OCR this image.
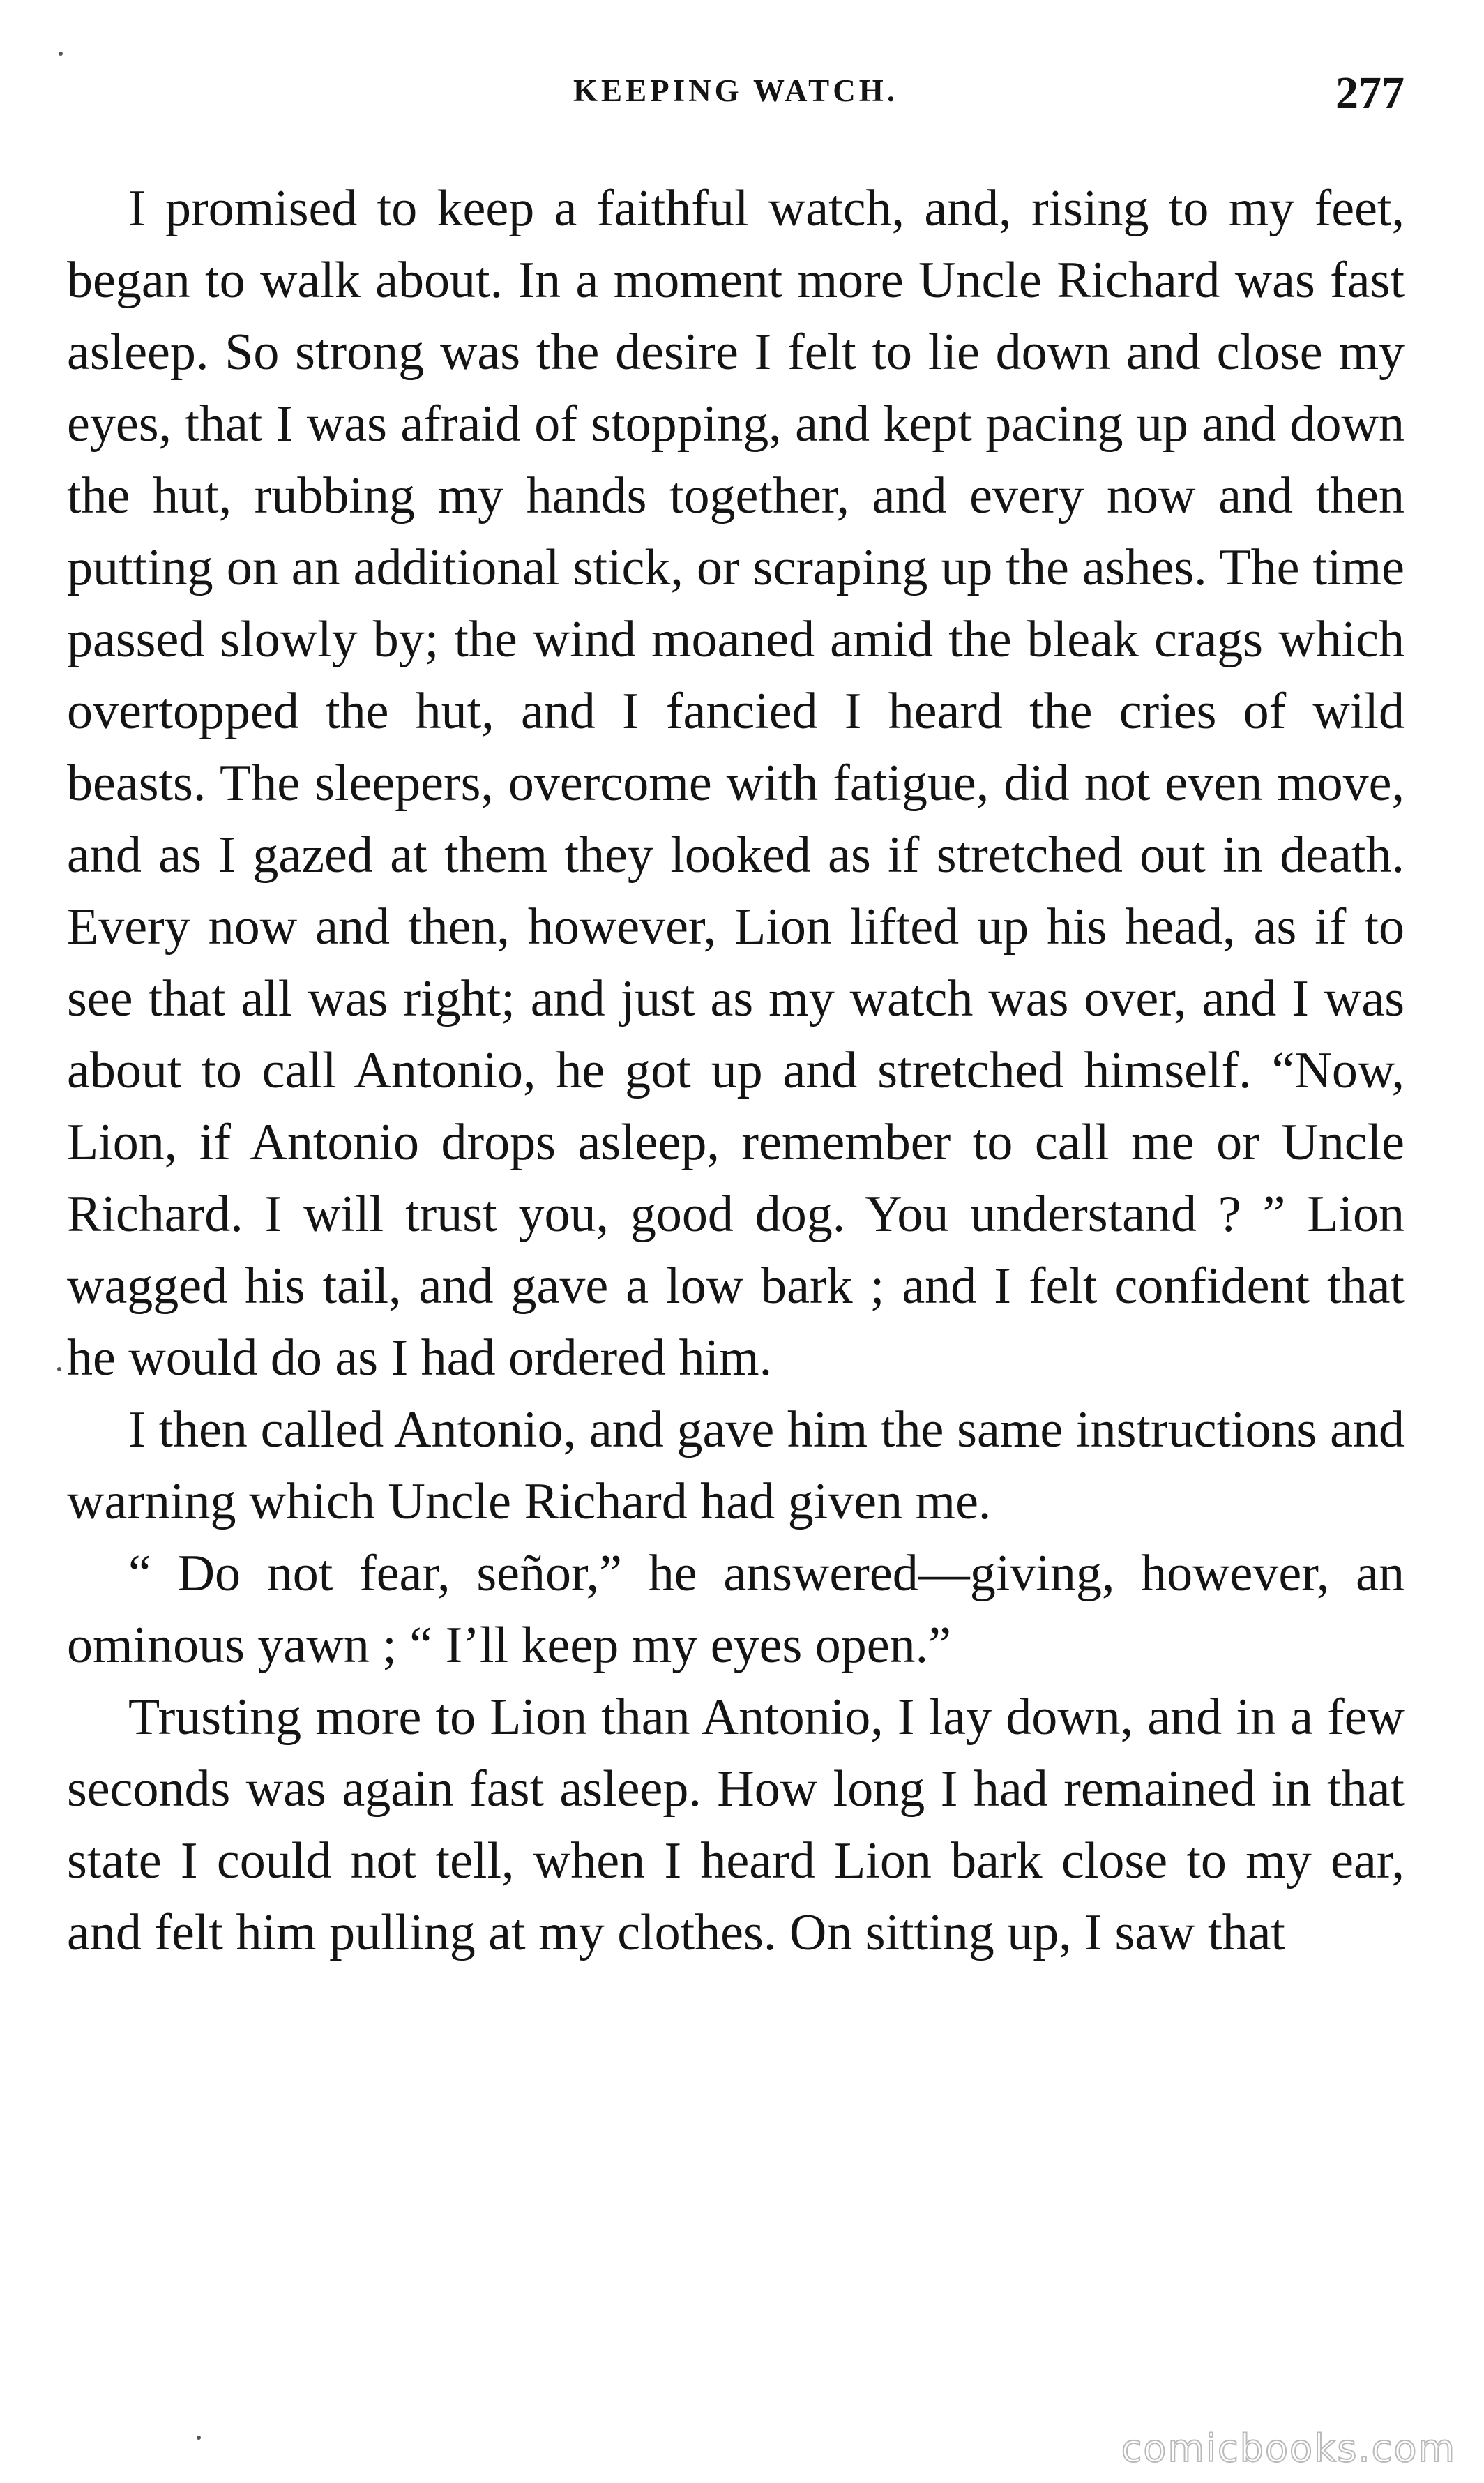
KEEPING WATCH.	277

I promised to keep a faithful watch, and, rising to my feet, began to walk about. In a moment more Uncle Richard was fast asleep. So strong was the desire I felt to lie down and close my eyes, that I was afraid of stopping, and kept pacing up and down the hut, rubbing my hands together, and every now and then putting on an additional stick, or scraping up the ashes. The time passed slowly by; the wind moaned amid the bleak crags which overtopped the hut, and I fancied I heard the cries of wild beasts. The sleepers, overcome with fatigue, did not even move, and as I gazed at them they looked as if stretched out in death. Every now and then, however, Lion lifted up his head, as if to see that all was right; and just as my watch was over, and I was about to call Antonio, he got up and stretched himself. “Now, Lion, if Antonio drops asleep, remember to call me or Uncle Richard. I will trust you, good dog. You understand ? ” Lion wagged his tail, and gave a low bark ; and I felt confident that he would do as I had ordered him.

I then called Antonio, and gave him the same instructions and warning which Uncle Richard had given me.

“ Do not fear, señor,” he answered—giving, however, an ominous yawn ; “ I’ll keep my eyes open.”

Trusting more to Lion than Antonio, I lay down, and in a few seconds was again fast asleep. How long I had remained in that state I could not tell, when I heard Lion bark close to my ear, and felt him pulling at my clothes. On sitting up, I saw that

comicbooks.com
